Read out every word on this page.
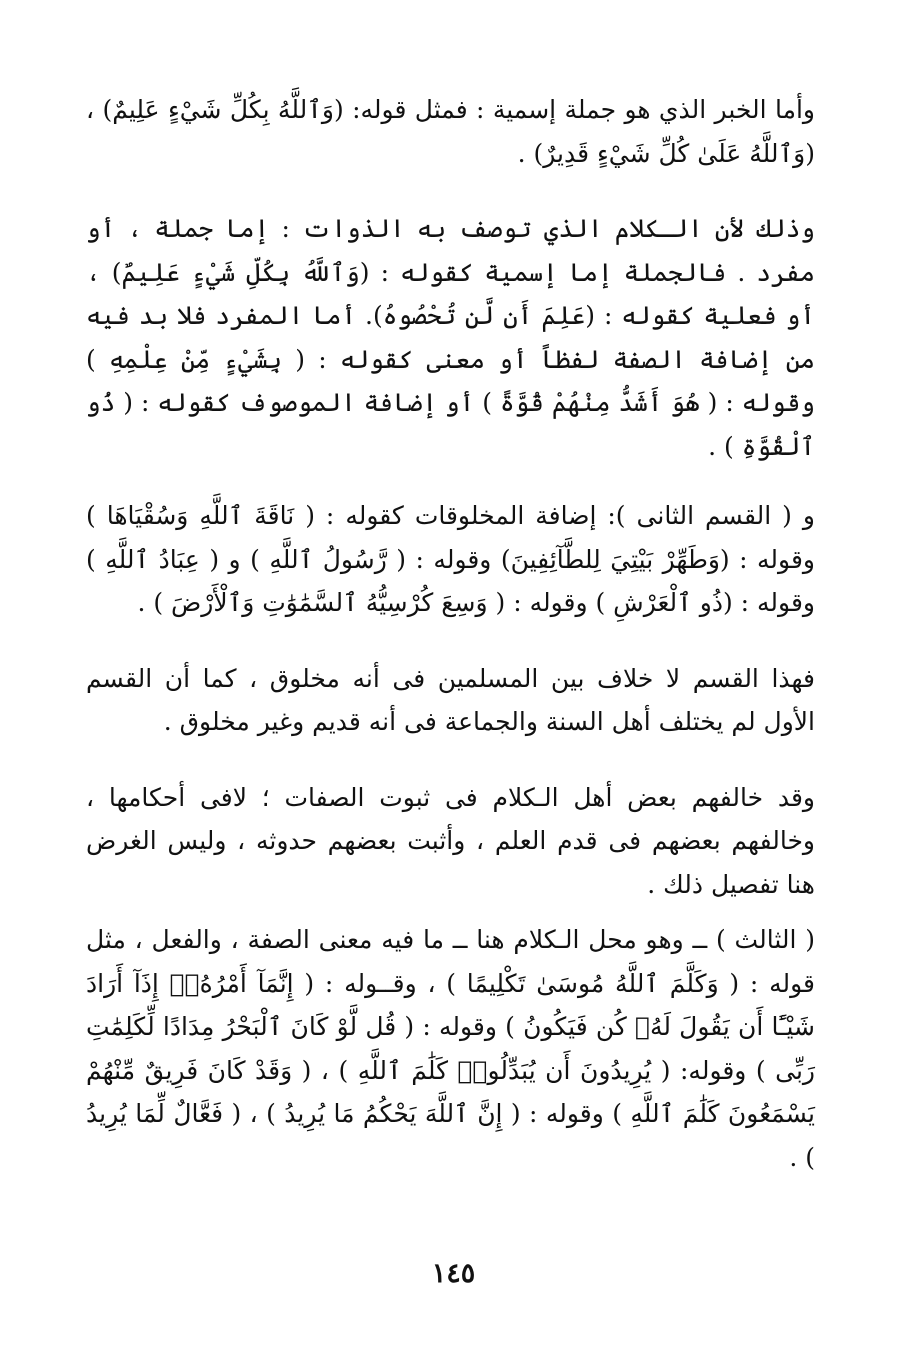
وأما الخبر الذي هو جملة إسمية : فمثل قوله: (وَٱللَّهُ بِكُلِّ شَيْءٍ عَلِيمٌ) ، (وَٱللَّهُ عَلَىٰ كُلِّ شَيْءٍ قَدِيرٌ) .

وذلك لأن الـكلام الذي توصف به الذوات : إما جملة ، أو مفرد . فالجملة إما إسمية كقوله : (وَٱللَّهُ بِكُلِّ شَيْءٍ عَلِيمٌ) ، أو فعلية كقوله : (عَلِمَ أَن لَّن تُحْصُوهُ). أما المفرد فلا بد فيه من إضافة الصفة لفظاً أو معنى كقوله : ( بِشَيْءٍ مِّنْ عِلْمِهِ ) وقوله : ( هُوَ أَشَدُّ مِنْهُمْ قُوَّةً ) أو إضافة الموصوف كقوله : ( ذُو ٱلْقُوَّةِ ) .

و ( القسم الثانى ): إضافة المخلوقات كقوله : ( نَاقَةَ ٱللَّهِ وَسُقْيَاهَا ) وقوله : (وَطَهِّرْ بَيْتِيَ لِلطَّآئِفِينَ) وقوله : ( رَّسُولُ ٱللَّهِ ) و ( عِبَادُ ٱللَّهِ ) وقوله : (ذُو ٱلْعَرْشِ ) وقوله : ( وَسِعَ كُرْسِيُّهُ ٱلسَّمَٰوَٰتِ وَٱلْأَرْضَ ) .

فهذا القسم لا خلاف بين المسلمين فى أنه مخلوق ، كما أن القسم الأول لم يختلف أهل السنة والجماعة فى أنه قديم وغير مخلوق .

وقد خالفهم بعض أهل الـكلام فى ثبوت الصفات ؛ لافى أحكامها ، وخالفهم بعضهم فى قدم العلم ، وأثبت بعضهم حدوثه ، وليس الغرض هنا تفصيل ذلك .

( الثالث ) ــ وهو محل الـكلام هنا ــ ما فيه معنى الصفة ، والفعل ، مثل قوله : ( وَكَلَّمَ ٱللَّهُ مُوسَىٰ تَكْلِيمًا ) ، وقــوله : ( إِنَّمَآ أَمْرُهُۥٓ إِذَآ أَرَادَ شَيْـًٔا أَن يَقُولَ لَهُۥ كُن فَيَكُونُ ) وقوله : ( قُل لَّوْ كَانَ ٱلْبَحْرُ مِدَادًا لِّكَلِمَٰتِ رَبِّى ) وقوله: ( يُرِيدُونَ أَن يُبَدِّلُوا۟ كَلَٰمَ ٱللَّهِ ) ، ( وَقَدْ كَانَ فَرِيقٌ مِّنْهُمْ يَسْمَعُونَ كَلَٰمَ ٱللَّهِ ) وقوله : ( إِنَّ ٱللَّهَ يَحْكُمُ مَا يُرِيدُ ) ، ( فَعَّالٌ لِّمَا يُرِيدُ ) .

١٤٥
